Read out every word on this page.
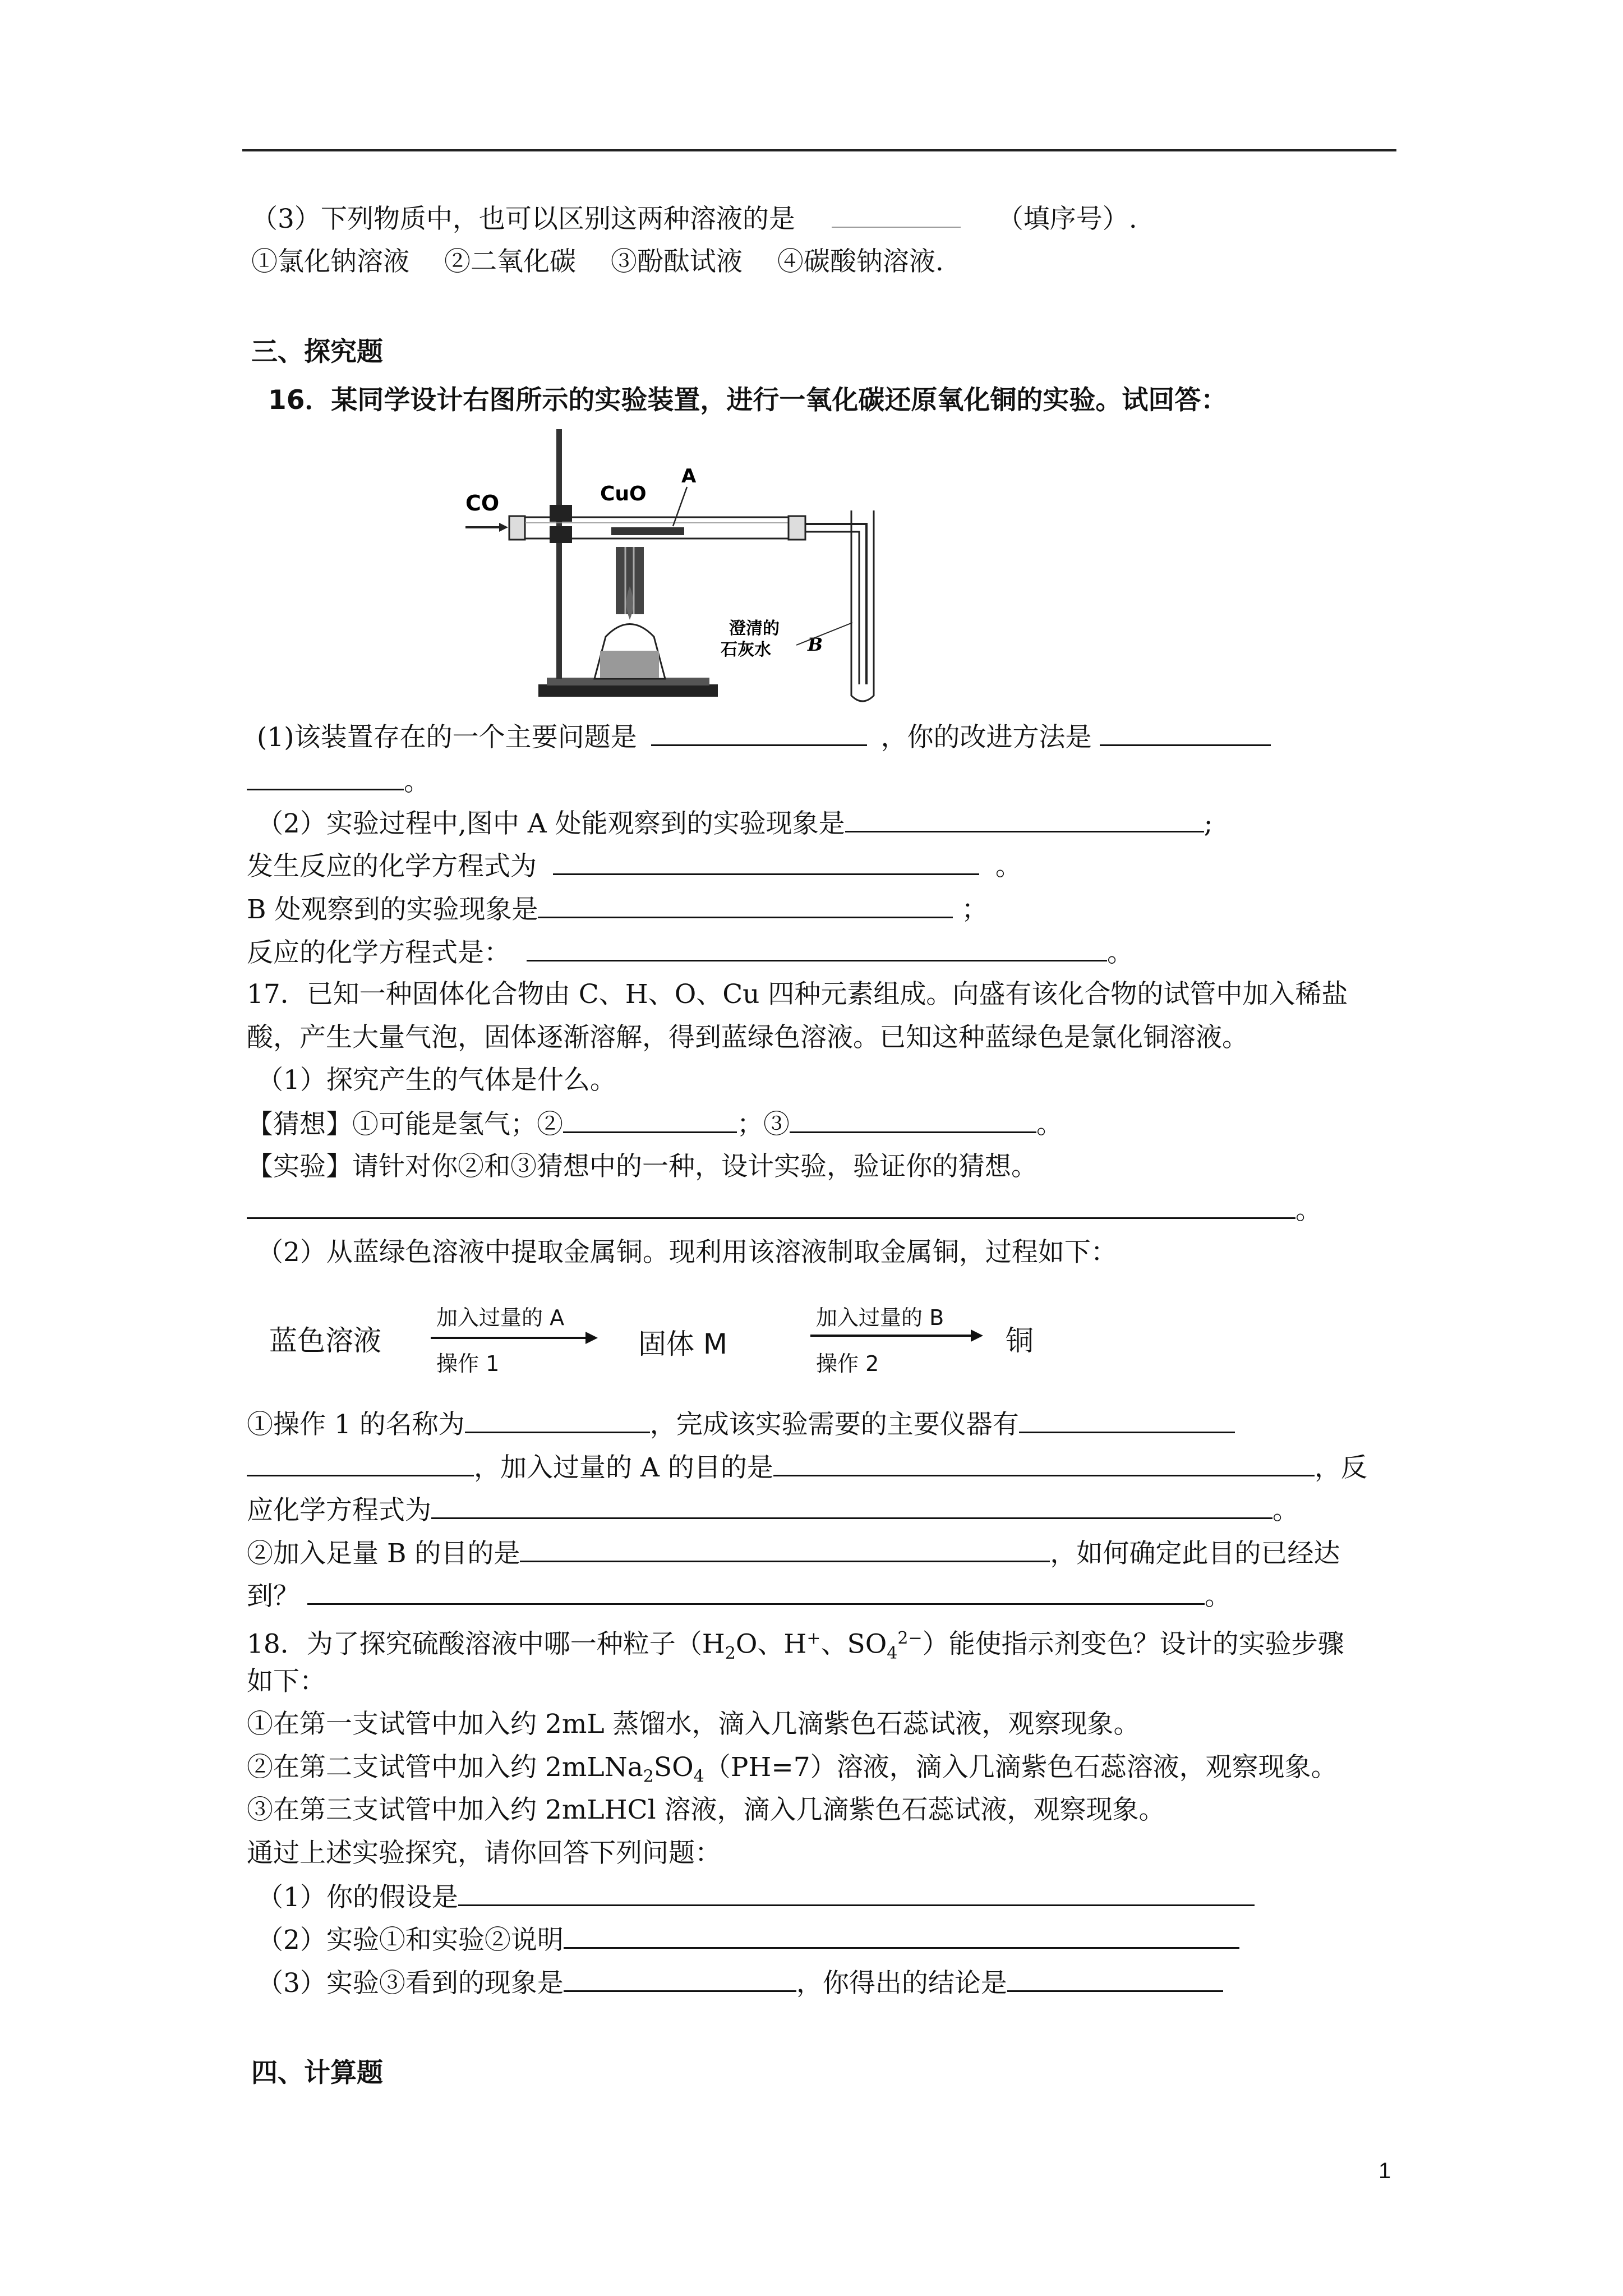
（3）下列物质中，也可以区别这两种溶液的是	（填序号）.
①氯化钠溶液　 ②二氧化碳　 ③酚酞试液　 ④碳酸钠溶液.
三、探究题
16．某同学设计右图所示的实验装置，进行一氧化碳还原氧化铜的实验。试回答：
CO	CuO
A
B
澄清的
石灰水
(1)该装置存在的一个主要问题是	，你的改进方法是
。
（2）实验过程中,图中 A 处能观察到的实验现象是	;
发生反应的化学方程式为	。
B 处观察到的实验现象是	；
反应的化学方程式是：	。
17．已知一种固体化合物由 C、H、O、Cu 四种元素组成。向盛有该化合物的试管中加入稀盐
酸，产生大量气泡，固体逐渐溶解，得到蓝绿色溶液。已知这种蓝绿色是氯化铜溶液。
（1）探究产生的气体是什么。
【猜想】①可能是氢气；②	；③	。
【实验】请针对你②和③猜想中的一种，设计实验，验证你的猜想。
。
（2）从蓝绿色溶液中提取金属铜。现利用该溶液制取金属铜，过程如下：
蓝色溶液
加入过量的 A
操作 1
固体 M
加入过量的 B
操作 2
铜
①操作 1 的名称为	，完成该实验需要的主要仪器有
，加入过量的 A 的目的是	，反
应化学方程式为	。
②加入足量 B 的目的是	，如何确定此目的已经达
到？	。
18．为了探究硫酸溶液中哪一种粒子（$H_2O$、H+、$SO_4^{2-}$）能使指示剂变色？设计的实验步骤
如下：
①在第一支试管中加入约 2mL 蒸馏水，滴入几滴紫色石蕊试液，观察现象。
②在第二支试管中加入约 $2mLNa_2SO_4(PH=7)$溶液，滴入几滴紫色石蕊溶液，观察现象。
③在第三支试管中加入约 2mLHCl 溶液，滴入几滴紫色石蕊试液，观察现象。
通过上述实验探究，请你回答下列问题：
（1）你的假设是
（2）实验①和实验②说明
（3）实验③看到的现象是	，你得出的结论是
四、计算题
1
